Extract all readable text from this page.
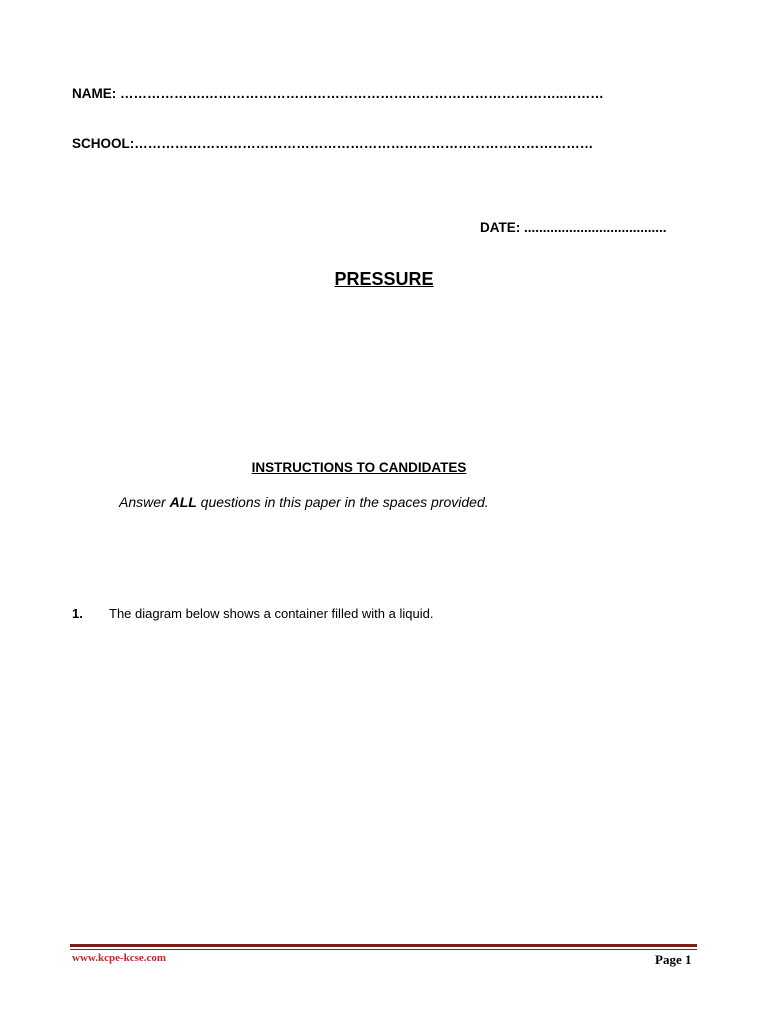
NAME: ……………….……………………………………………………………………..………
SCHOOL:…………………………………………………………………………………………
DATE: ......................................
PRESSURE
INSTRUCTIONS TO CANDIDATES
Answer ALL questions in this paper in the spaces provided.
1. The diagram below shows a container filled with a liquid.
www.kcpe-kcse.com	Page 1
